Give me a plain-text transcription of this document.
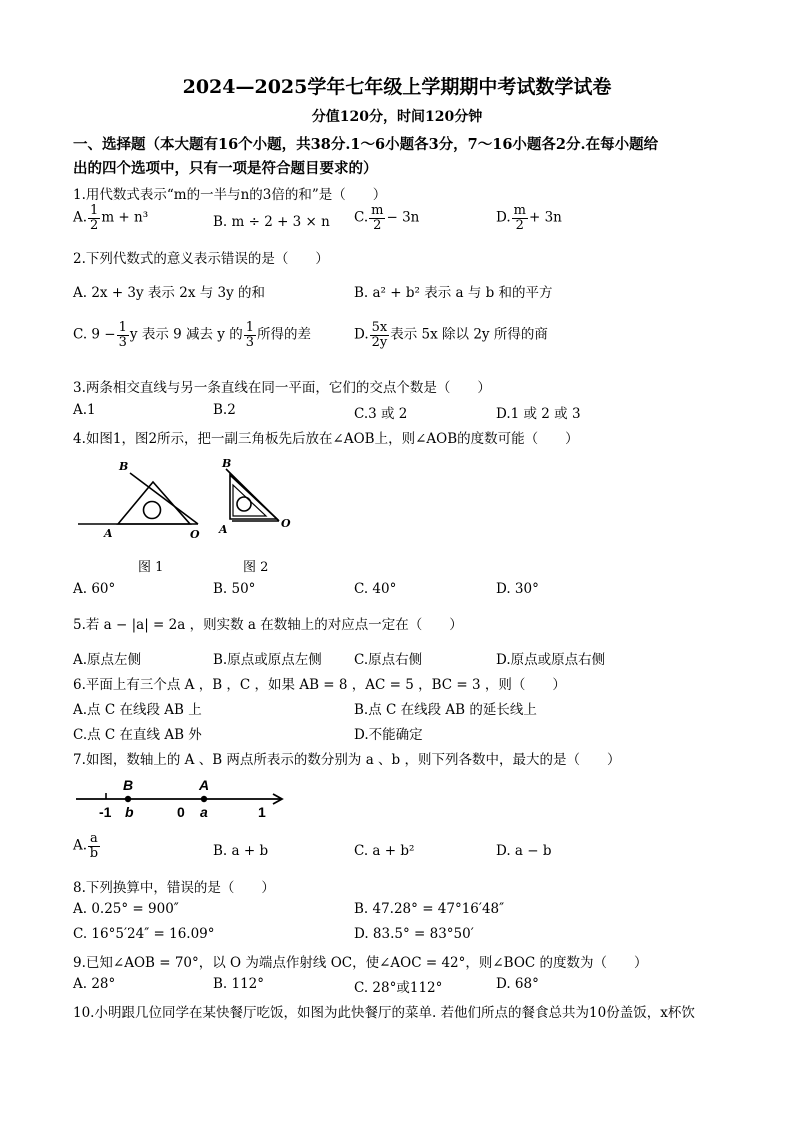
2024—2025学年七年级上学期期中考试数学试卷
分值120分，时间120分钟
一、选择题（本大题有16个小题，共38分.1～6小题各3分，7～16小题各2分.在每小题给
出的四个选项中，只有一项是符合题目要求的）
1.用代数式表示“m的一半与n的3倍的和”是（　　）
A. $\frac{1}{2}$ m + n³	B. m ÷ 2 + 3 × n C. $\frac{m}{2} - 3n$	D. $\frac{m}{2} + 3n$
2.下列代数式的意义表示错误的是（　　）
A. 2x + 3y 表示 2x 与 3y 的和	B. a² + b² 表示 a 与 b 和的平方
C. $9 - \frac{1}{3}$ y 表示 9 减去 y 的 $\frac{1}{3}$ 所得的差	D. $\frac{5x}{2y}$ 表示 5x 除以 2y 所得的商
3.两条相交直线与另一条直线在同一平面，它们的交点个数是（　　）
A.1	B.2	C.3 或 2	D.1 或 2 或 3
4.如图1，图2所示，把一副三角板先后放在∠AOB上，则∠AOB的度数可能（　　）
B
A	O
B
A	O
图 1	图 2
A. 60°	B. 50°	C. 40°	D. 30°
5.若 a − |a| = 2a ，则实数 a 在数轴上的对应点一定在（　　）
A.原点左侧	B.原点或原点左侧 C.原点右侧	D.原点或原点右侧
6.平面上有三个点 A ，B ，C ，如果 AB = 8 ，AC = 5 ，BC = 3 ，则（　　）
A.点 C 在线段 AB 上	B.点 C 在线段 AB 的延长线上
C.点 C 在直线 AB 外	D.不能确定
7.如图，数轴上的 A 、B 两点所表示的数分别为 a 、b ，则下列各数中，最大的是（　　）
-1
B
b	0
A
a	1
A. $\frac{a}{b}$	B. a + b	C. a + b²	D. a − b
8.下列换算中，错误的是（　　）
A. 0.25° = 900″	B. 47.28° = 47°16′48″
C. 16°5′24″ = 16.09°	D. 83.5° = 83°50′
9.已知∠AOB = 70°，以 O 为端点作射线 OC，使∠AOC = 42°，则∠BOC 的度数为（　　）
A. 28°	B. 112°	C. 28°或112°	D. 68°
10.小明跟几位同学在某快餐厅吃饭，如图为此快餐厅的菜单. 若他们所点的餐食总共为10份盖饭，x杯饮
